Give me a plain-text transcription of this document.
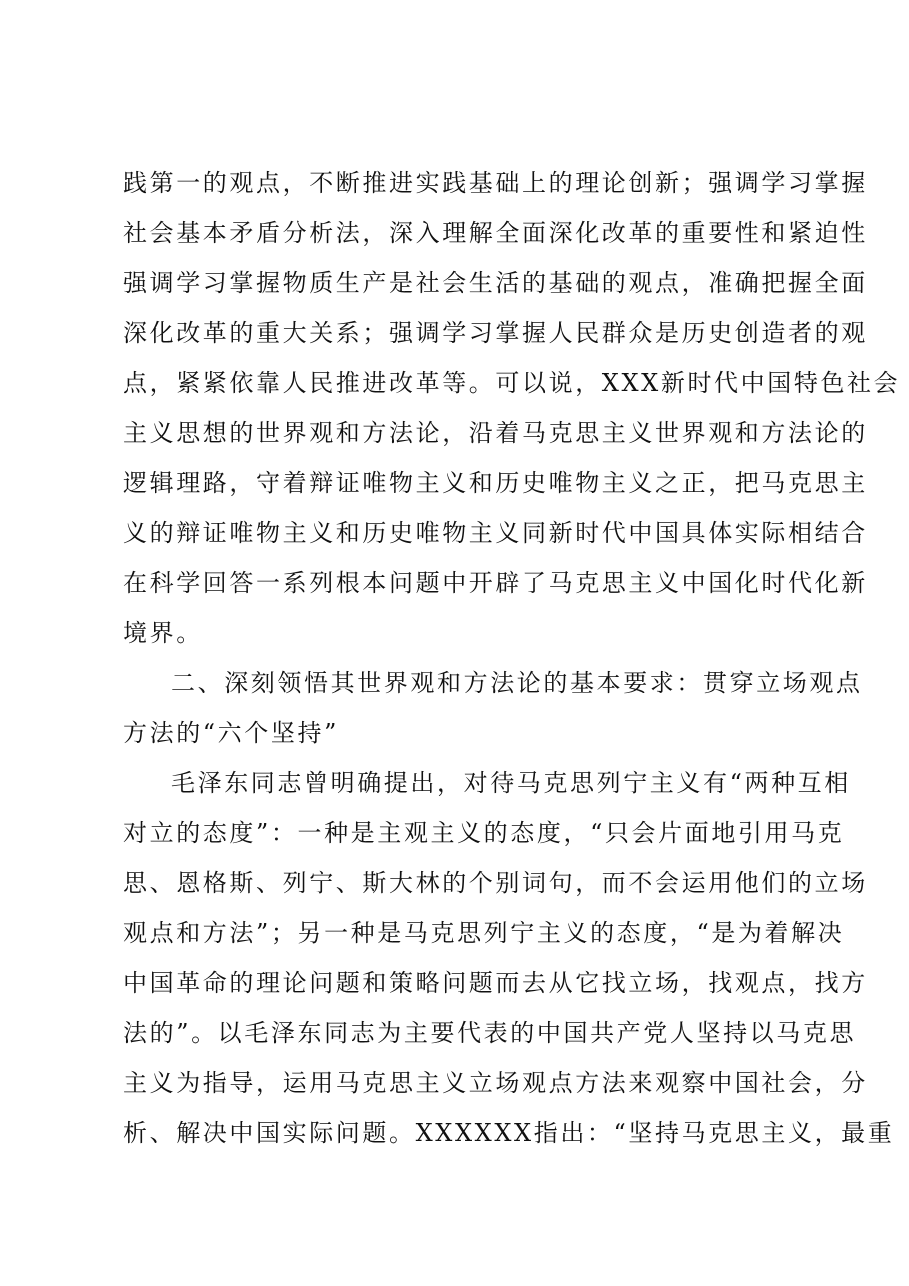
践第一的观点，不断推进实践基础上的理论创新；强调学习掌握
社会基本矛盾分析法，深入理解全面深化改革的重要性和紧迫性
强调学习掌握物质生产是社会生活的基础的观点，准确把握全面
深化改革的重大关系；强调学习掌握人民群众是历史创造者的观
点，紧紧依靠人民推进改革等。可以说，XXX新时代中国特色社会
主义思想的世界观和方法论，沿着马克思主义世界观和方法论的
逻辑理路，守着辩证唯物主义和历史唯物主义之正，把马克思主
义的辩证唯物主义和历史唯物主义同新时代中国具体实际相结合
在科学回答一系列根本问题中开辟了马克思主义中国化时代化新
境界。
二、深刻领悟其世界观和方法论的基本要求：贯穿立场观点
方法的“六个坚持”
毛泽东同志曾明确提出，对待马克思列宁主义有“两种互相
对立的态度”：一种是主观主义的态度，“只会片面地引用马克
思、恩格斯、列宁、斯大林的个别词句，而不会运用他们的立场
观点和方法”；另一种是马克思列宁主义的态度，“是为着解决
中国革命的理论问题和策略问题而去从它找立场，找观点，找方
法的”。以毛泽东同志为主要代表的中国共产党人坚持以马克思
主义为指导，运用马克思主义立场观点方法来观察中国社会，分
析、解决中国实际问题。XXXXXX指出：“坚持马克思主义，最重
